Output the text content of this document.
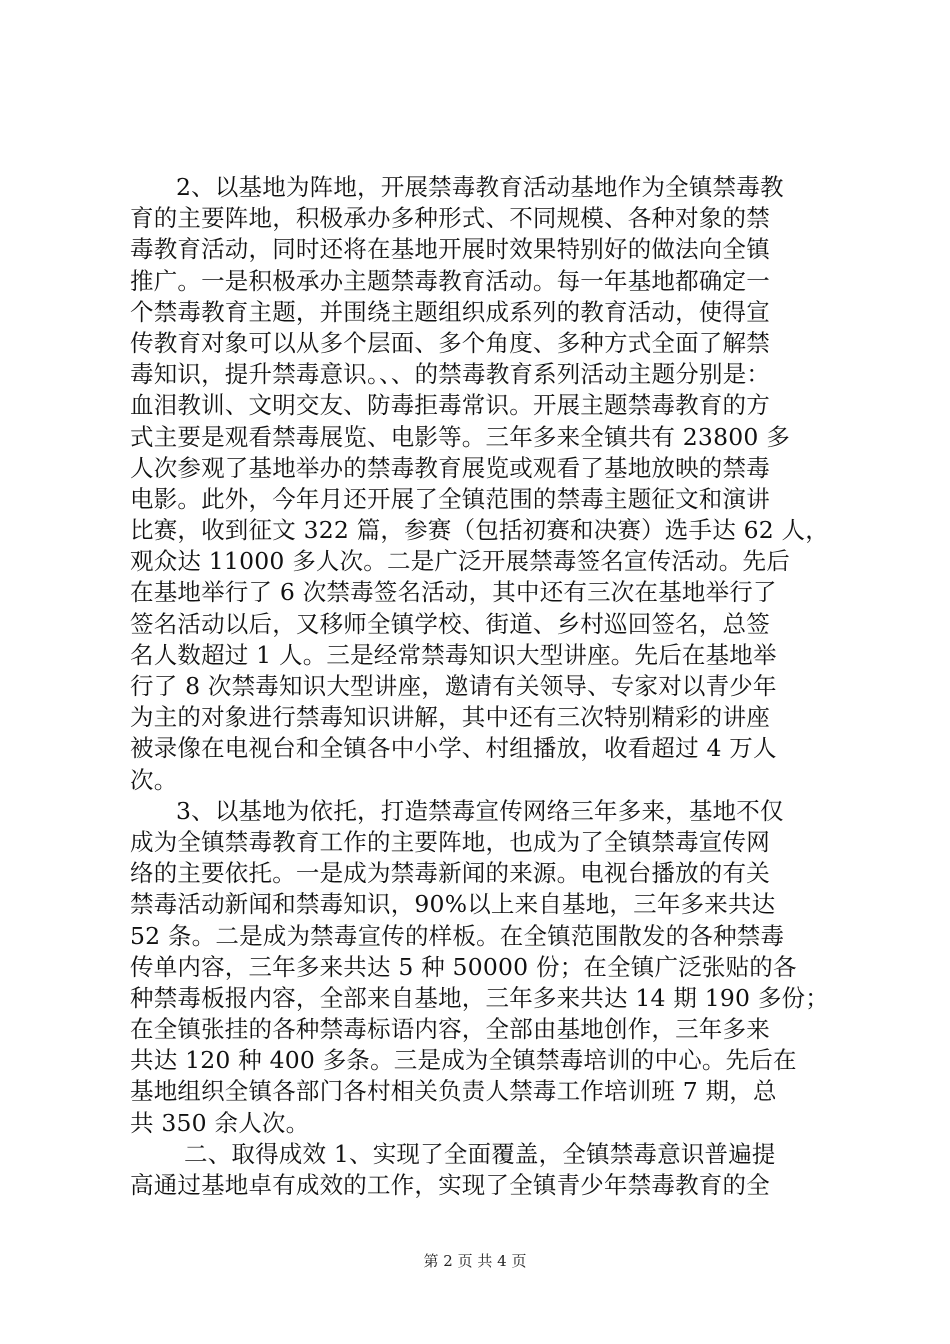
2、以基地为阵地，开展禁毒教育活动基地作为全镇禁毒教
育的主要阵地，积极承办多种形式、不同规模、各种对象的禁
毒教育活动，同时还将在基地开展时效果特别好的做法向全镇
推广。一是积极承办主题禁毒教育活动。每一年基地都确定一
个禁毒教育主题，并围绕主题组织成系列的教育活动，使得宣
传教育对象可以从多个层面、多个角度、多种方式全面了解禁
毒知识，提升禁毒意识。、、的禁毒教育系列活动主题分别是：
血泪教训、文明交友、防毒拒毒常识。开展主题禁毒教育的方
式主要是观看禁毒展览、电影等。三年多来全镇共有 23800 多
人次参观了基地举办的禁毒教育展览或观看了基地放映的禁毒
电影。此外，今年月还开展了全镇范围的禁毒主题征文和演讲
比赛，收到征文 322 篇，参赛（包括初赛和决赛）选手达 62 人，
观众达 11000 多人次。二是广泛开展禁毒签名宣传活动。先后
在基地举行了 6 次禁毒签名活动，其中还有三次在基地举行了
签名活动以后，又移师全镇学校、街道、乡村巡回签名，总签
名人数超过 1 人。三是经常禁毒知识大型讲座。先后在基地举
行了 8 次禁毒知识大型讲座，邀请有关领导、专家对以青少年
为主的对象进行禁毒知识讲解，其中还有三次特别精彩的讲座
被录像在电视台和全镇各中小学、村组播放，收看超过 4 万人
次。
3、以基地为依托，打造禁毒宣传网络三年多来，基地不仅
成为全镇禁毒教育工作的主要阵地，也成为了全镇禁毒宣传网
络的主要依托。一是成为禁毒新闻的来源。电视台播放的有关
禁毒活动新闻和禁毒知识，90%以上来自基地，三年多来共达
52 条。二是成为禁毒宣传的样板。在全镇范围散发的各种禁毒
传单内容，三年多来共达 5 种 50000 份；在全镇广泛张贴的各
种禁毒板报内容，全部来自基地，三年多来共达 14 期 190 多份；
在全镇张挂的各种禁毒标语内容，全部由基地创作，三年多来
共达 120 种 400 多条。三是成为全镇禁毒培训的中心。先后在
基地组织全镇各部门各村相关负责人禁毒工作培训班 7 期，总
共 350 余人次。
二、取得成效 1、实现了全面覆盖，全镇禁毒意识普遍提
高通过基地卓有成效的工作，实现了全镇青少年禁毒教育的全
第 2 页 共 4 页
